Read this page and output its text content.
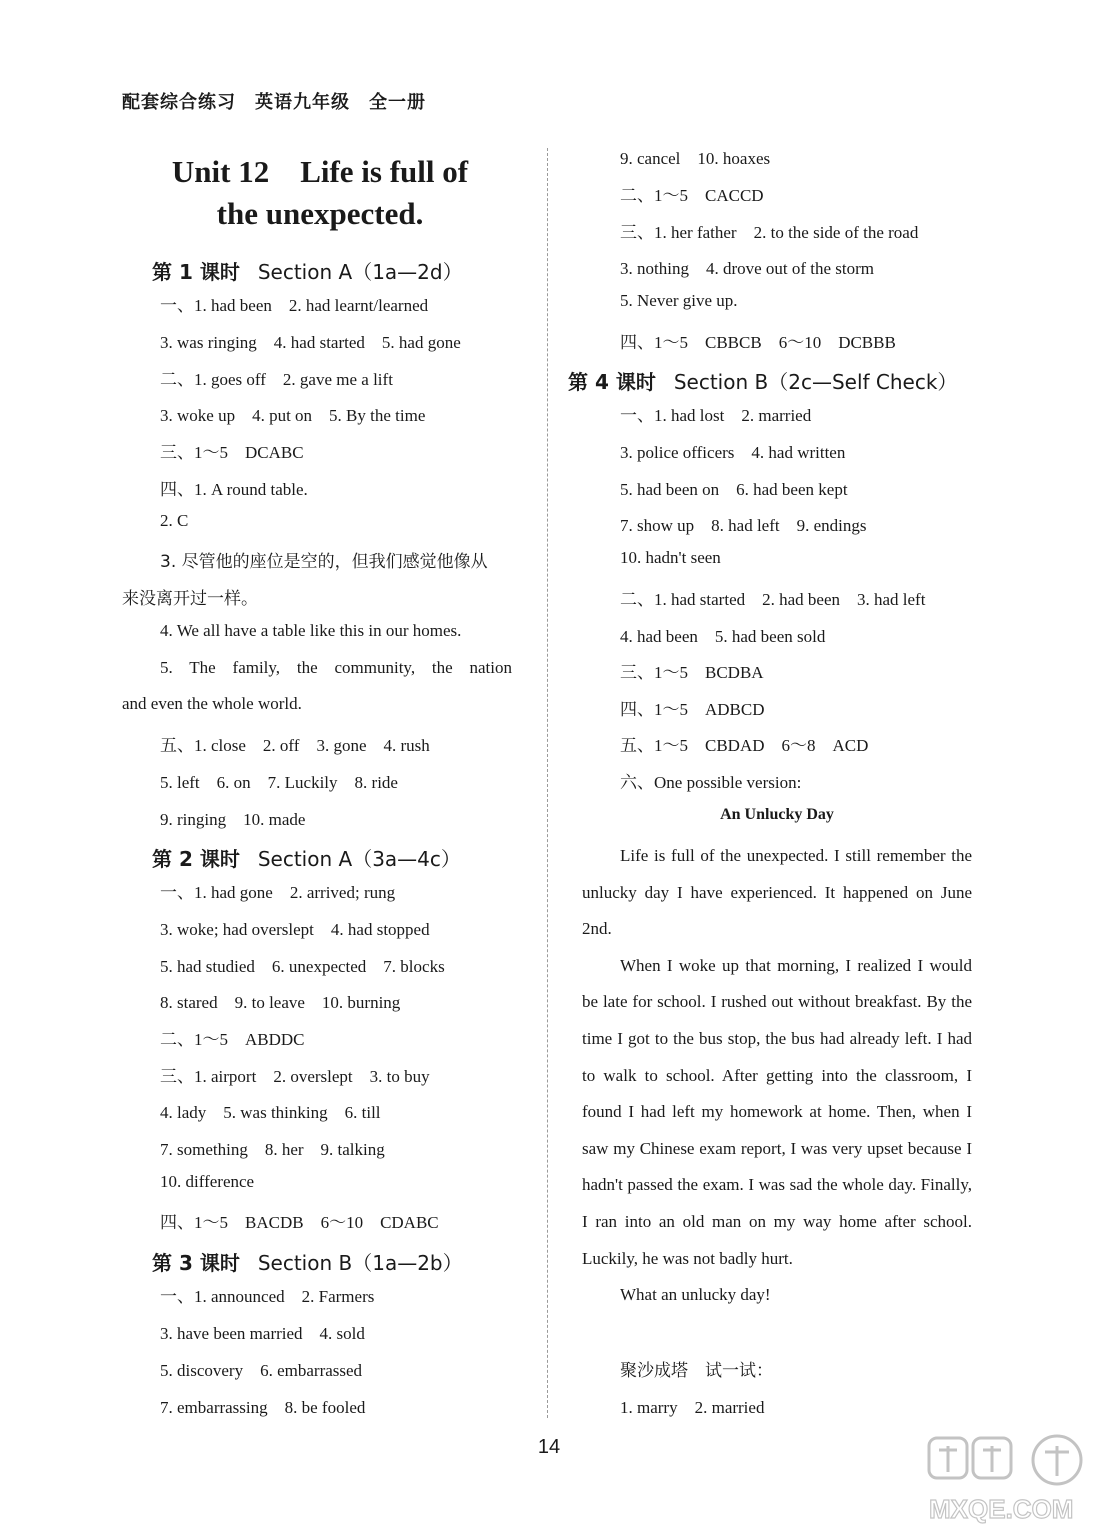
配套综合练习　英语九年级　全一册
Unit 12　Life is full of
the unexpected.
第 1 课时 Section A（1a—2d）
第 2 课时 Section A（3a—4c）
第 3 课时 Section B（1a—2b）
第 4 课时 Section B（2c—Self Check）
一、1. had been　2. had learnt/learned
3. was ringing　4. had started　5. had gone
二、1. goes off　2. gave me a lift
3. woke up　4. put on　5. By the time
三、1～5　DCABC
四、1. A round table.
2. C
3. 尽管他的座位是空的，但我们感觉他像从
来没离开过一样。
4. We all have a table like this in our homes.
5. The family, the community, the nation
and even the whole world.
五、1. close　2. off　3. gone　4. rush
5. left　6. on　7. Luckily　8. ride
9. ringing　10. made
一、1. had gone　2. arrived; rung
3. woke; had overslept　4. had stopped
5. had studied　6. unexpected　7. blocks
8. stared　9. to leave　10. burning
二、1～5　ABDDC
三、1. airport　2. overslept　3. to buy
4. lady　5. was thinking　6. till
7. something　8. her　9. talking
10. difference
四、1～5　BACDB　6～10　CDABC
一、1. announced　2. Farmers
3. have been married　4. sold
5. discovery　6. embarrassed
7. embarrassing　8. be fooled
9. cancel　10. hoaxes
二、1～5　CACCD
三、1. her father　2. to the side of the road
3. nothing　4. drove out of the storm
5. Never give up.
四、1～5　CBBCB　6～10　DCBBB
一、1. had lost　2. married
3. police officers　4. had written
5. had been on　6. had been kept
7. show up　8. had left　9. endings
10. hadn't seen
二、1. had started　2. had been　3. had left
4. had been　5. had been sold
三、1～5　BCDBA
四、1～5　ADBCD
五、1～5　CBDAD　6～8　ACD
六、One possible version:
An Unlucky Day

Life is full of the unexpected. I still remember the unlucky day I have experienced. It happened on June 2nd.

When I woke up that morning, I realized I would be late for school. I rushed out without breakfast. By the time I got to the bus stop, the bus had already left. I had to walk to school. After getting into the classroom, I found I had left my homework at home. Then, when I saw my Chinese exam report, I was very upset because I hadn't passed the exam. I was sad the whole day. Finally, I ran into an old man on my way home after school. Luckily, he was not badly hurt.

What an unlucky day!

聚沙成塔　试一试：
1. marry　2. married
14
MXQE.COM
